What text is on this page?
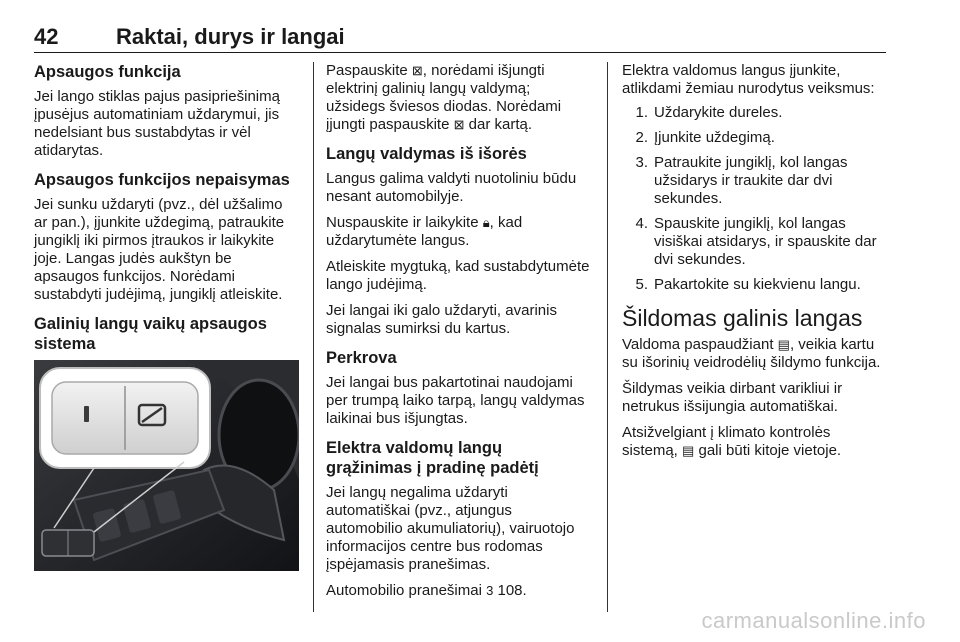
42	Raktai, durys ir langai
Apsaugos funkcija

Jei lango stiklas pajus pasipriešinimą įpusėjus automatiniam uždarymui, jis nedelsiant bus sustabdytas ir vėl atidarytas.

Apsaugos funkcijos nepaisymas

Jei sunku uždaryti (pvz., dėl užšalimo ar pan.), įjunkite uždegimą, patraukite jungiklį iki pirmos įtraukos ir laikykite joje. Langas judės aukštyn be

apsaugos funkcijos. Norėdami

sustabdyti judėjimą, jungiklį atleiskite.

Galinių langų vaikų apsaugos sistema

Paspauskite ⊠, norėdami išjungti elektrinį galinių langų valdymą; užsidegs šviesos diodas. Norėdami įjungti paspauskite ⊠ dar kartą.

Langų valdymas iš išorės

Langus galima valdyti nuotoliniu būdu nesant automobilyje.

Nuspauskite ir laikykite 🔒︎, kad uždarytumėte langus.

Atleiskite mygtuką, kad sustabdytumėte lango judėjimą.

Jei langai iki galo uždaryti, avarinis signalas sumirksi du kartus.

Perkrova

Jei langai bus pakartotinai naudojami per trumpą laiko tarpą, langų valdymas laikinai bus išjungtas.

Elektra valdomų langų grąžinimas į pradinę padėtį

Jei langų negalima uždaryti automatiškai (pvz., atjungus automobilio akumuliatorių), vairuotojo informacijos centre bus rodomas įspėjamasis pranešimas.

Automobilio pranešimai 3 108.

Elektra valdomus langus įjunkite, atlikdami žemiau nurodytus veiksmus:

1. Uždarykite dureles.
2. Įjunkite uždegimą.
3. Patraukite jungiklį, kol langas užsidarys ir traukite dar dvi sekundes.
4. Spauskite jungiklį, kol langas visiškai atsidarys, ir spauskite dar dvi sekundes.
5. Pakartokite su kiekvienu langu.
Šildomas galinis langas

Valdoma paspaudžiant ▤, veikia kartu su išorinių veidrodėlių šildymo funkcija.

Šildymas veikia dirbant varikliui ir netrukus išsijungia automatiškai.

Atsižvelgiant į klimato kontrolės sistemą, ▤ gali būti kitoje vietoje.

carmanualsonline.info
